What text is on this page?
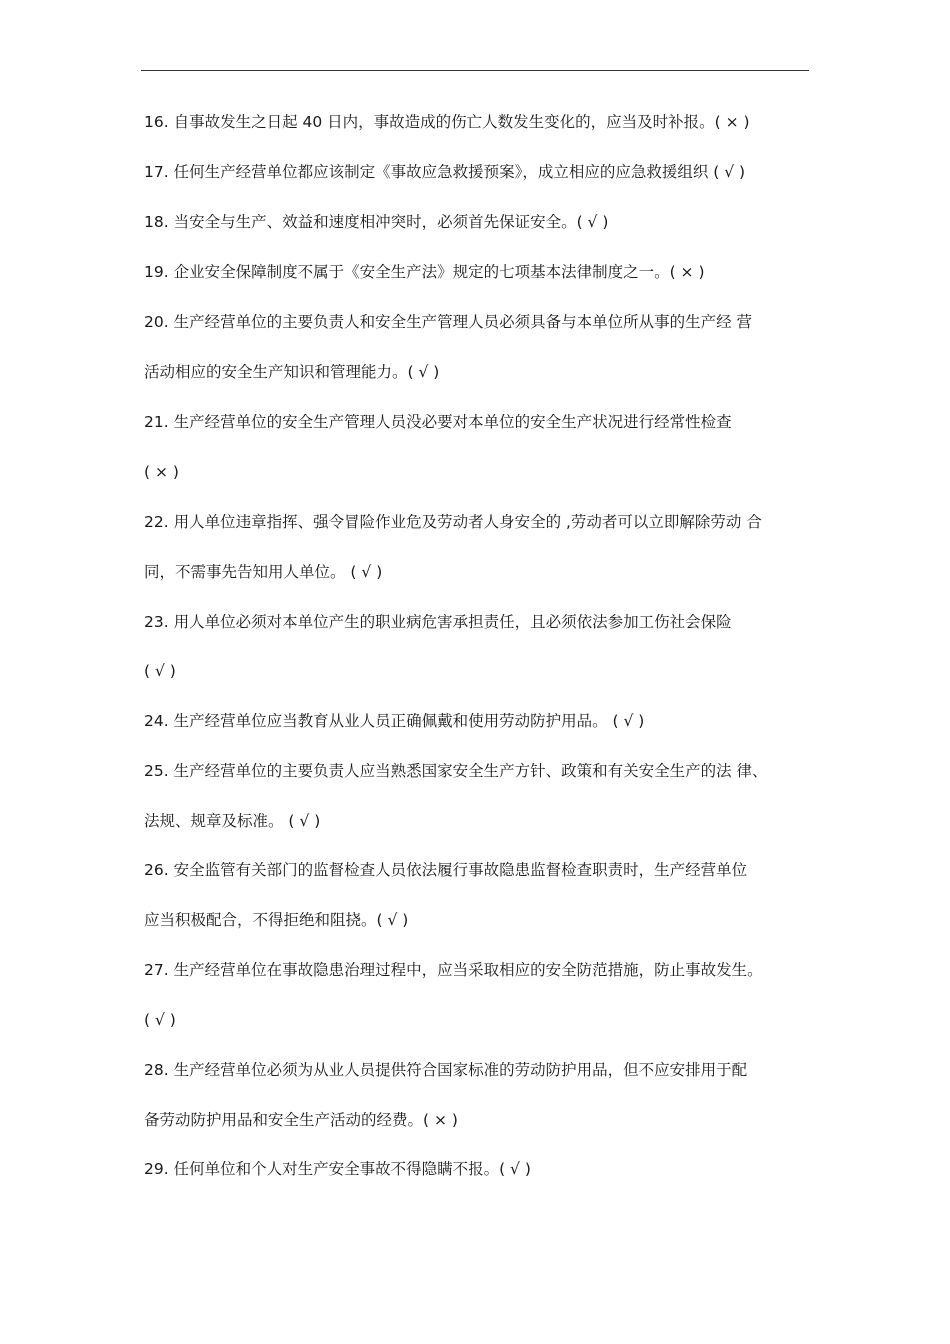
16. 自事故发生之日起 40 日内，事故造成的伤亡人数发生变化的，应当及时补报。( × )
17. 任何生产经营单位都应该制定《事故应急救援预案》，成立相应的应急救援组织 ( √ )
18. 当安全与生产、效益和速度相冲突时，必须首先保证安全。( √ )
19. 企业安全保障制度不属于《安全生产法》规定的七项基本法律制度之一。( × )
20. 生产经营单位的主要负责人和安全生产管理人员必须具备与本单位所从事的生产经 营
活动相应的安全生产知识和管理能力。( √ )
21. 生产经营单位的安全生产管理人员没必要对本单位的安全生产状况进行经常性检查
( × )
22. 用人单位违章指挥、强令冒险作业危及劳动者人身安全的 ,劳动者可以立即解除劳动 合
同，不需事先告知用人单位。 ( √ )
23. 用人单位必须对本单位产生的职业病危害承担责任，且必须依法参加工伤社会保险
( √ )
24. 生产经营单位应当教育从业人员正确佩戴和使用劳动防护用品。 ( √ )
25. 生产经营单位的主要负责人应当熟悉国家安全生产方针、政策和有关安全生产的法 律、
法规、规章及标准。 ( √ )
26. 安全监管有关部门的监督检查人员依法履行事故隐患监督检查职责时，生产经营单位
应当积极配合，不得拒绝和阻挠。( √ )
27. 生产经营单位在事故隐患治理过程中，应当采取相应的安全防范措施，防止事故发生。
( √ )
28. 生产经营单位必须为从业人员提供符合国家标准的劳动防护用品，但不应安排用于配
备劳动防护用品和安全生产活动的经费。( × )
29. 任何单位和个人对生产安全事故不得隐瞒不报。( √ )
